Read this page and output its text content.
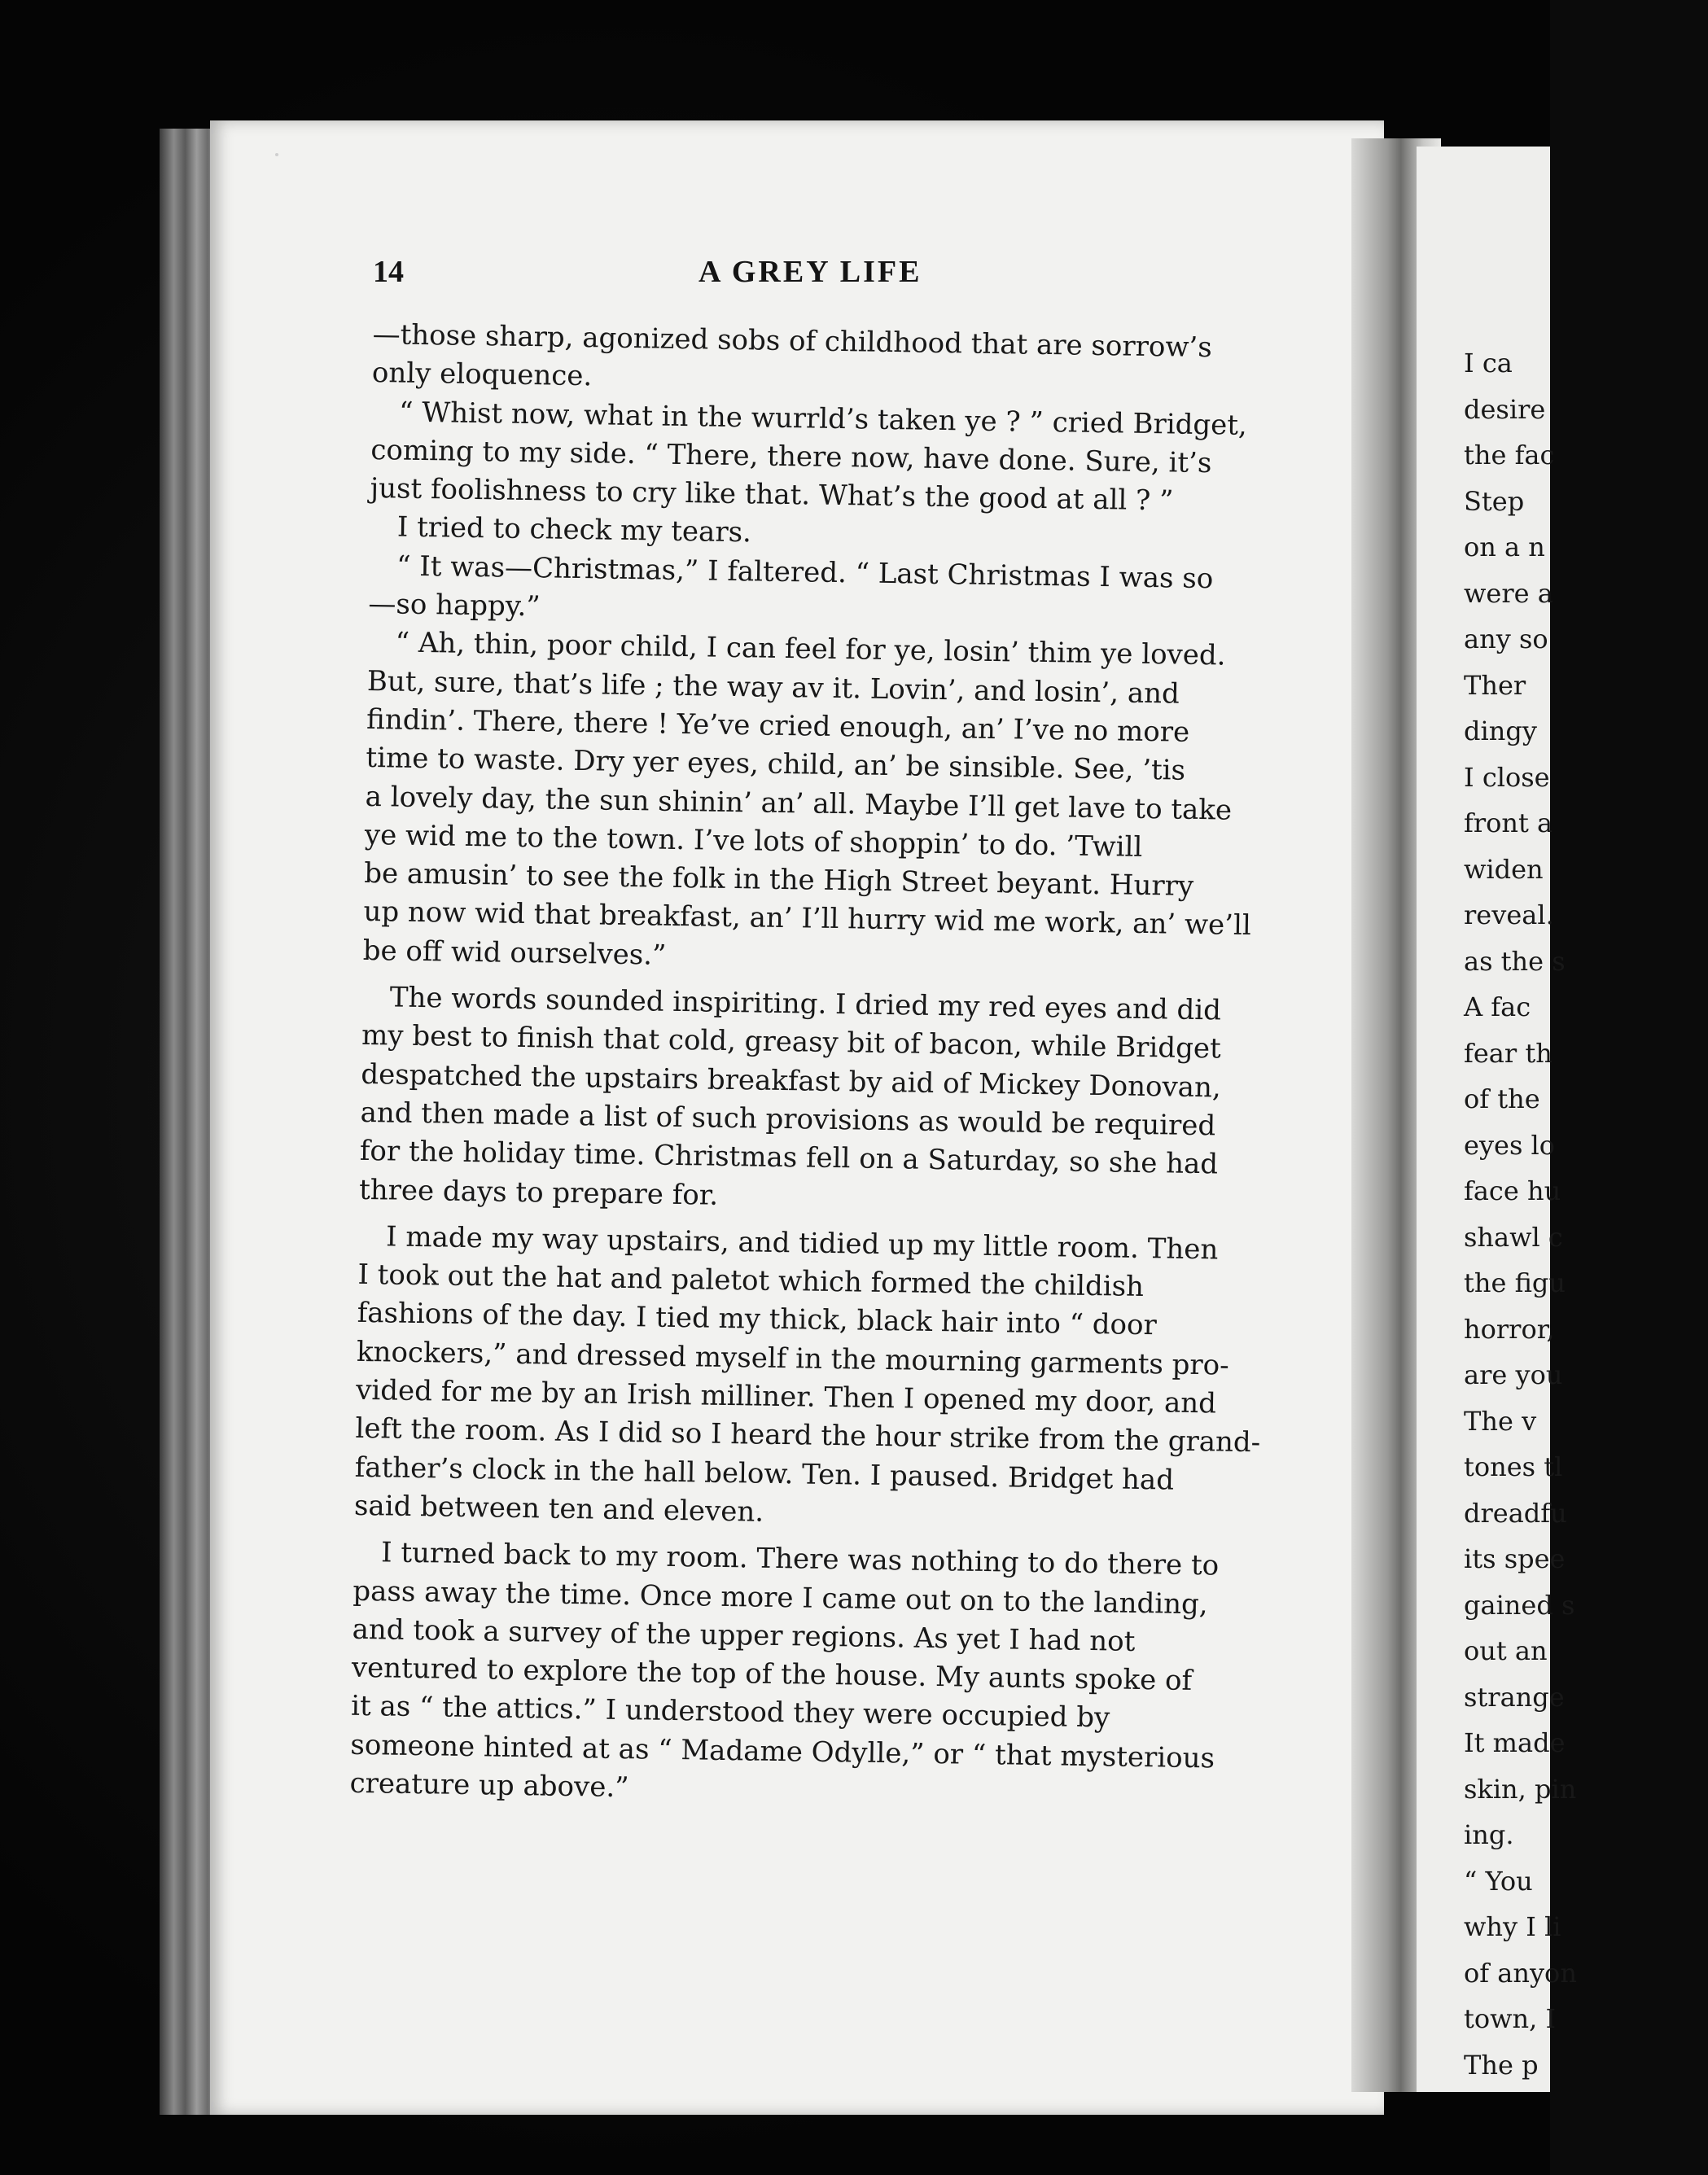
14	A GREY LIFE
—those sharp, agonized sobs of childhood that are sorrow’s
only eloquence.
“ Whist now, what in the wurrld’s taken ye ? ” cried Bridget,
coming to my side. “ There, there now, have done. Sure, it’s
just foolishness to cry like that. What’s the good at all ? ”
I tried to check my tears.
“ It was—Christmas,” I faltered. “ Last Christmas I was so
—so happy.”
“ Ah, thin, poor child, I can feel for ye, losin’ thim ye loved.
But, sure, that’s life ; the way av it. Lovin’, and losin’, and
findin’. There, there ! Ye’ve cried enough, an’ I’ve no more
time to waste. Dry yer eyes, child, an’ be sinsible. See, ’tis
a lovely day, the sun shinin’ an’ all. Maybe I’ll get lave to take
ye wid me to the town. I’ve lots of shoppin’ to do. ’Twill
be amusin’ to see the folk in the High Street beyant. Hurry
up now wid that breakfast, an’ I’ll hurry wid me work, an’ we’ll
be off wid ourselves.”
The words sounded inspiriting. I dried my red eyes and did
my best to finish that cold, greasy bit of bacon, while Bridget
despatched the upstairs breakfast by aid of Mickey Donovan,
and then made a list of such provisions as would be required
for the holiday time. Christmas fell on a Saturday, so she had
three days to prepare for.
I made my way upstairs, and tidied up my little room. Then
I took out the hat and paletot which formed the childish
fashions of the day. I tied my thick, black hair into “ door
knockers,” and dressed myself in the mourning garments pro-
vided for me by an Irish milliner. Then I opened my door, and
left the room. As I did so I heard the hour strike from the grand-
father’s clock in the hall below. Ten. I paused. Bridget had
said between ten and eleven.
I turned back to my room. There was nothing to do there to
pass away the time. Once more I came out on to the landing,
and took a survey of the upper regions. As yet I had not
ventured to explore the top of the house. My aunts spoke of
it as “ the attics.” I understood they were occupied by
someone hinted at as “ Madame Odylle,” or “ that mysterious
creature up above.”
I ca
desire
the fac
Step
on a n
were a
any so
Ther
dingy
I close
front a
widen
reveal.
as the s
A fac
fear th
of the
eyes lo
face hu
shawl c
the figu
horror,
are you
The v
tones tl
dreadfu
its spee
gained s
out an
strange
It made
skin, pin
ing.
“ You
why I li
of anyon
town, I
The p
